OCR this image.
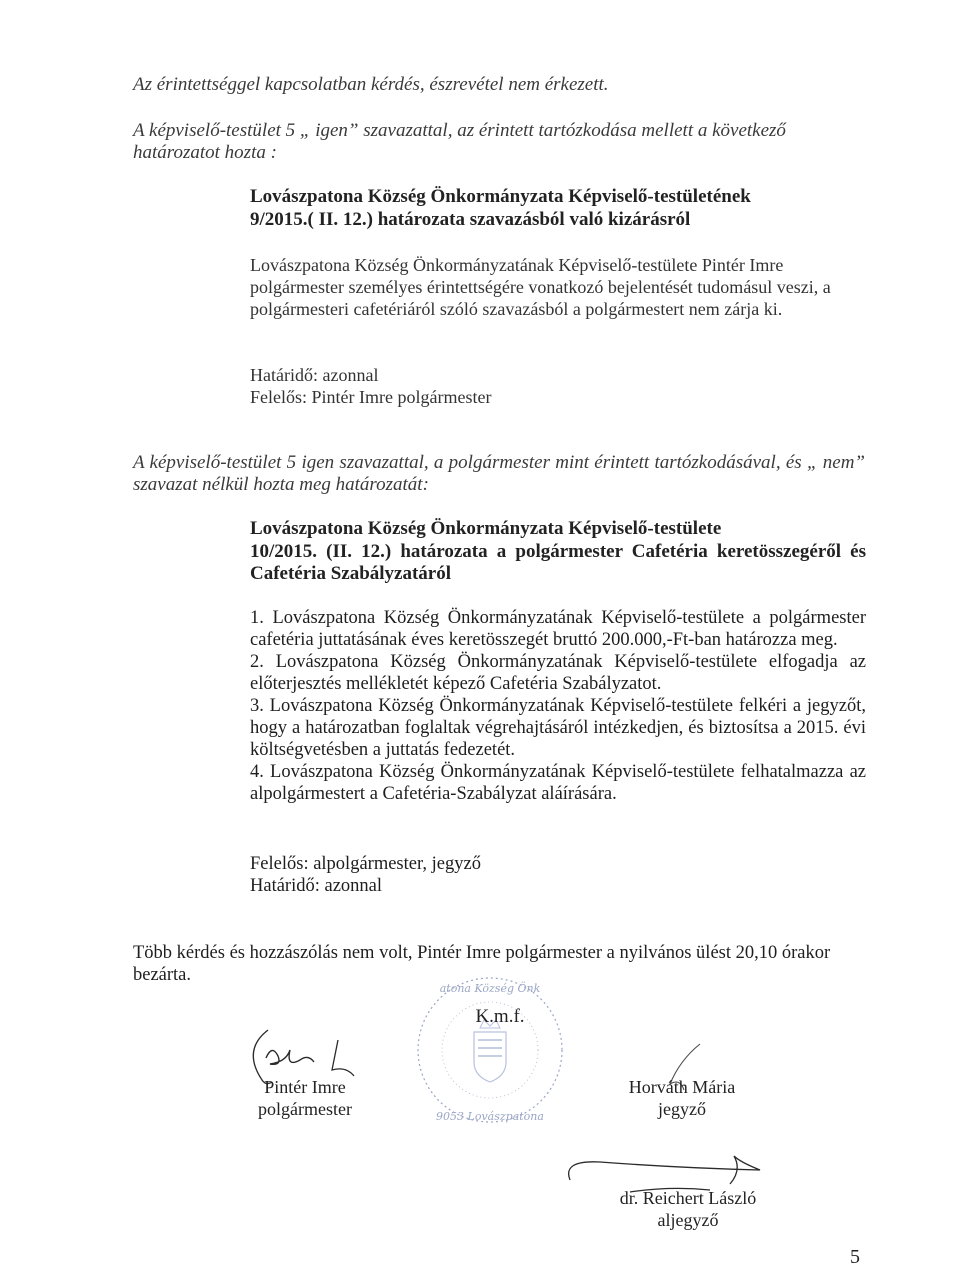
Az érintettséggel kapcsolatban kérdés, észrevétel nem érkezett.
A képviselő-testület 5 „ igen” szavazattal, az érintett tartózkodása mellett a következő határozatot hozta :
Lovászpatona Község Önkormányzata Képviselő-testületének
9/2015.( II. 12.) határozata szavazásból való kizárásról
Lovászpatona Község Önkormányzatának Képviselő-testülete Pintér Imre polgármester személyes érintettségére vonatkozó bejelentését tudomásul veszi, a polgármesteri cafetériáról szóló szavazásból a polgármestert nem zárja ki.
Határidő: azonnal
Felelős: Pintér Imre polgármester
A képviselő-testület 5 igen szavazattal, a polgármester mint érintett tartózkodásával, és „ nem” szavazat nélkül hozta meg határozatát:
Lovászpatona Község Önkormányzata Képviselő-testülete
10/2015. (II. 12.) határozata a polgármester Cafetéria keretösszegéről és Cafetéria Szabályzatáról

1. Lovászpatona Község Önkormányzatának Képviselő-testülete a polgármester cafetéria juttatásának éves keretösszegét bruttó 200.000,-Ft-ban határozza meg.

2. Lovászpatona Község Önkormányzatának Képviselő-testülete elfogadja az előterjesztés mellékletét képező Cafetéria Szabályzatot.

3. Lovászpatona Község Önkormányzatának Képviselő-testülete felkéri a jegyzőt, hogy a határozatban foglaltak végrehajtásáról intézkedjen, és biztosítsa a 2015. évi költségvetésben a juttatás fedezetét.

4. Lovászpatona Község Önkormányzatának Képviselő-testülete felhatalmazza az alpolgármestert a Cafetéria-Szabályzat aláírására.

Felelős: alpolgármester, jegyző
Határidő: azonnal
Több kérdés és hozzászólás nem volt, Pintér Imre polgármester a nyilvános ülést 20,10 órakor bezárta.
atona Község Önk
9053 Lovászpatona
K.m.f.
Pintér Imre
polgármester
Horváth Mária
jegyző
dr. Reichert László
aljegyző
5
